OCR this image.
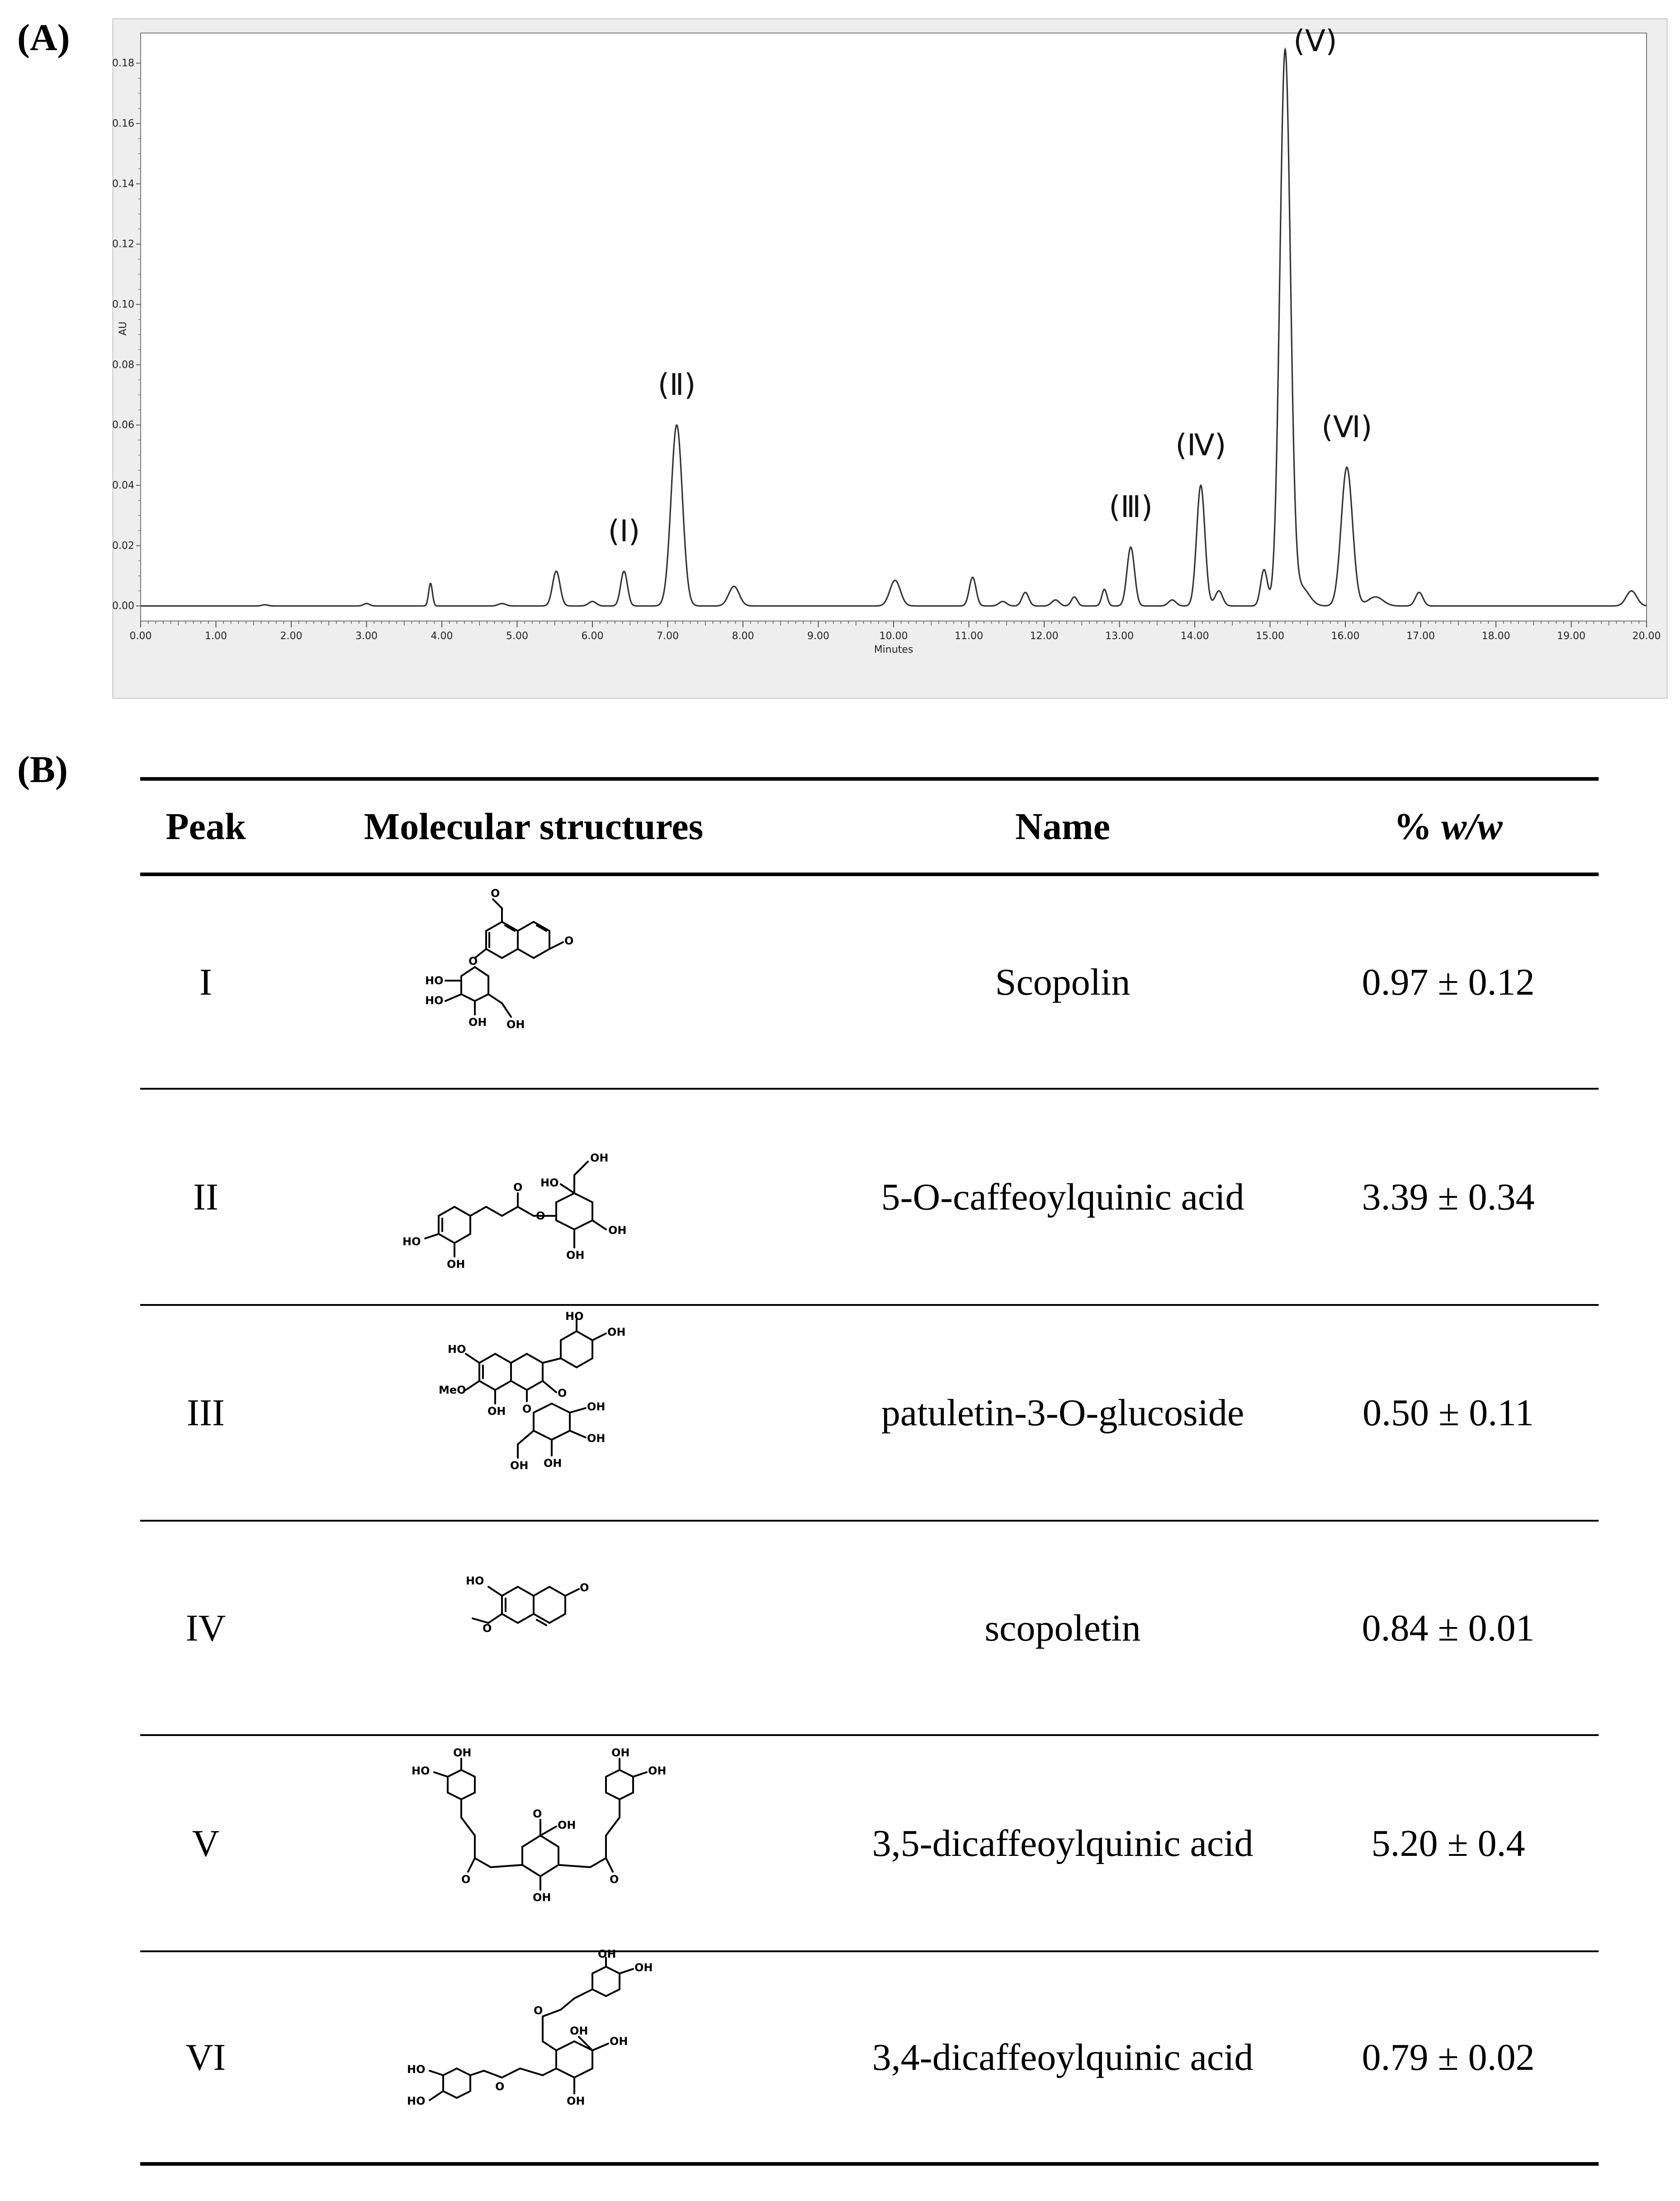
(A)
(B)
0.00
0.02
0.04
0.06
0.08
0.10
0.12
0.14
0.16
0.18
0.00	1.00	2.00	3.00	4.00	5.00	6.00	7.00	8.00	9.00	10.00	11.00	12.00	13.00	14.00	15.00	16.00	17.00	18.00	19.00	20.00
(Ⅰ)
(Ⅱ)
(Ⅲ)
(Ⅳ)
(Ⅴ)
(Ⅵ)
Minutes
AU
Peak	Molecular structures	Name	% w/w
I	Scopolin	0.97 ± 0.12
II	5-O-caffeoylquinic acid	3.39 ± 0.34
III	patuletin-3-O-glucoside	0.50 ± 0.11
IV	scopoletin	0.84 ± 0.01
V	3,5-dicaffeoylquinic acid	5.20 ± 0.4
VI	3,4-dicaffeoylquinic acid	0.79 ± 0.02
O
O
O
HO
HO
OH OH
HO
OH
O
O HO
OH
OH
OH
HO
OH
HO
MeO
OH O
O
OH
OH
OH
OH
HO
O
O
OH
HO
OH
OH
O
OH
O	O
OH
OH
OH
O
OH
OH
OH
O
HO
HO
